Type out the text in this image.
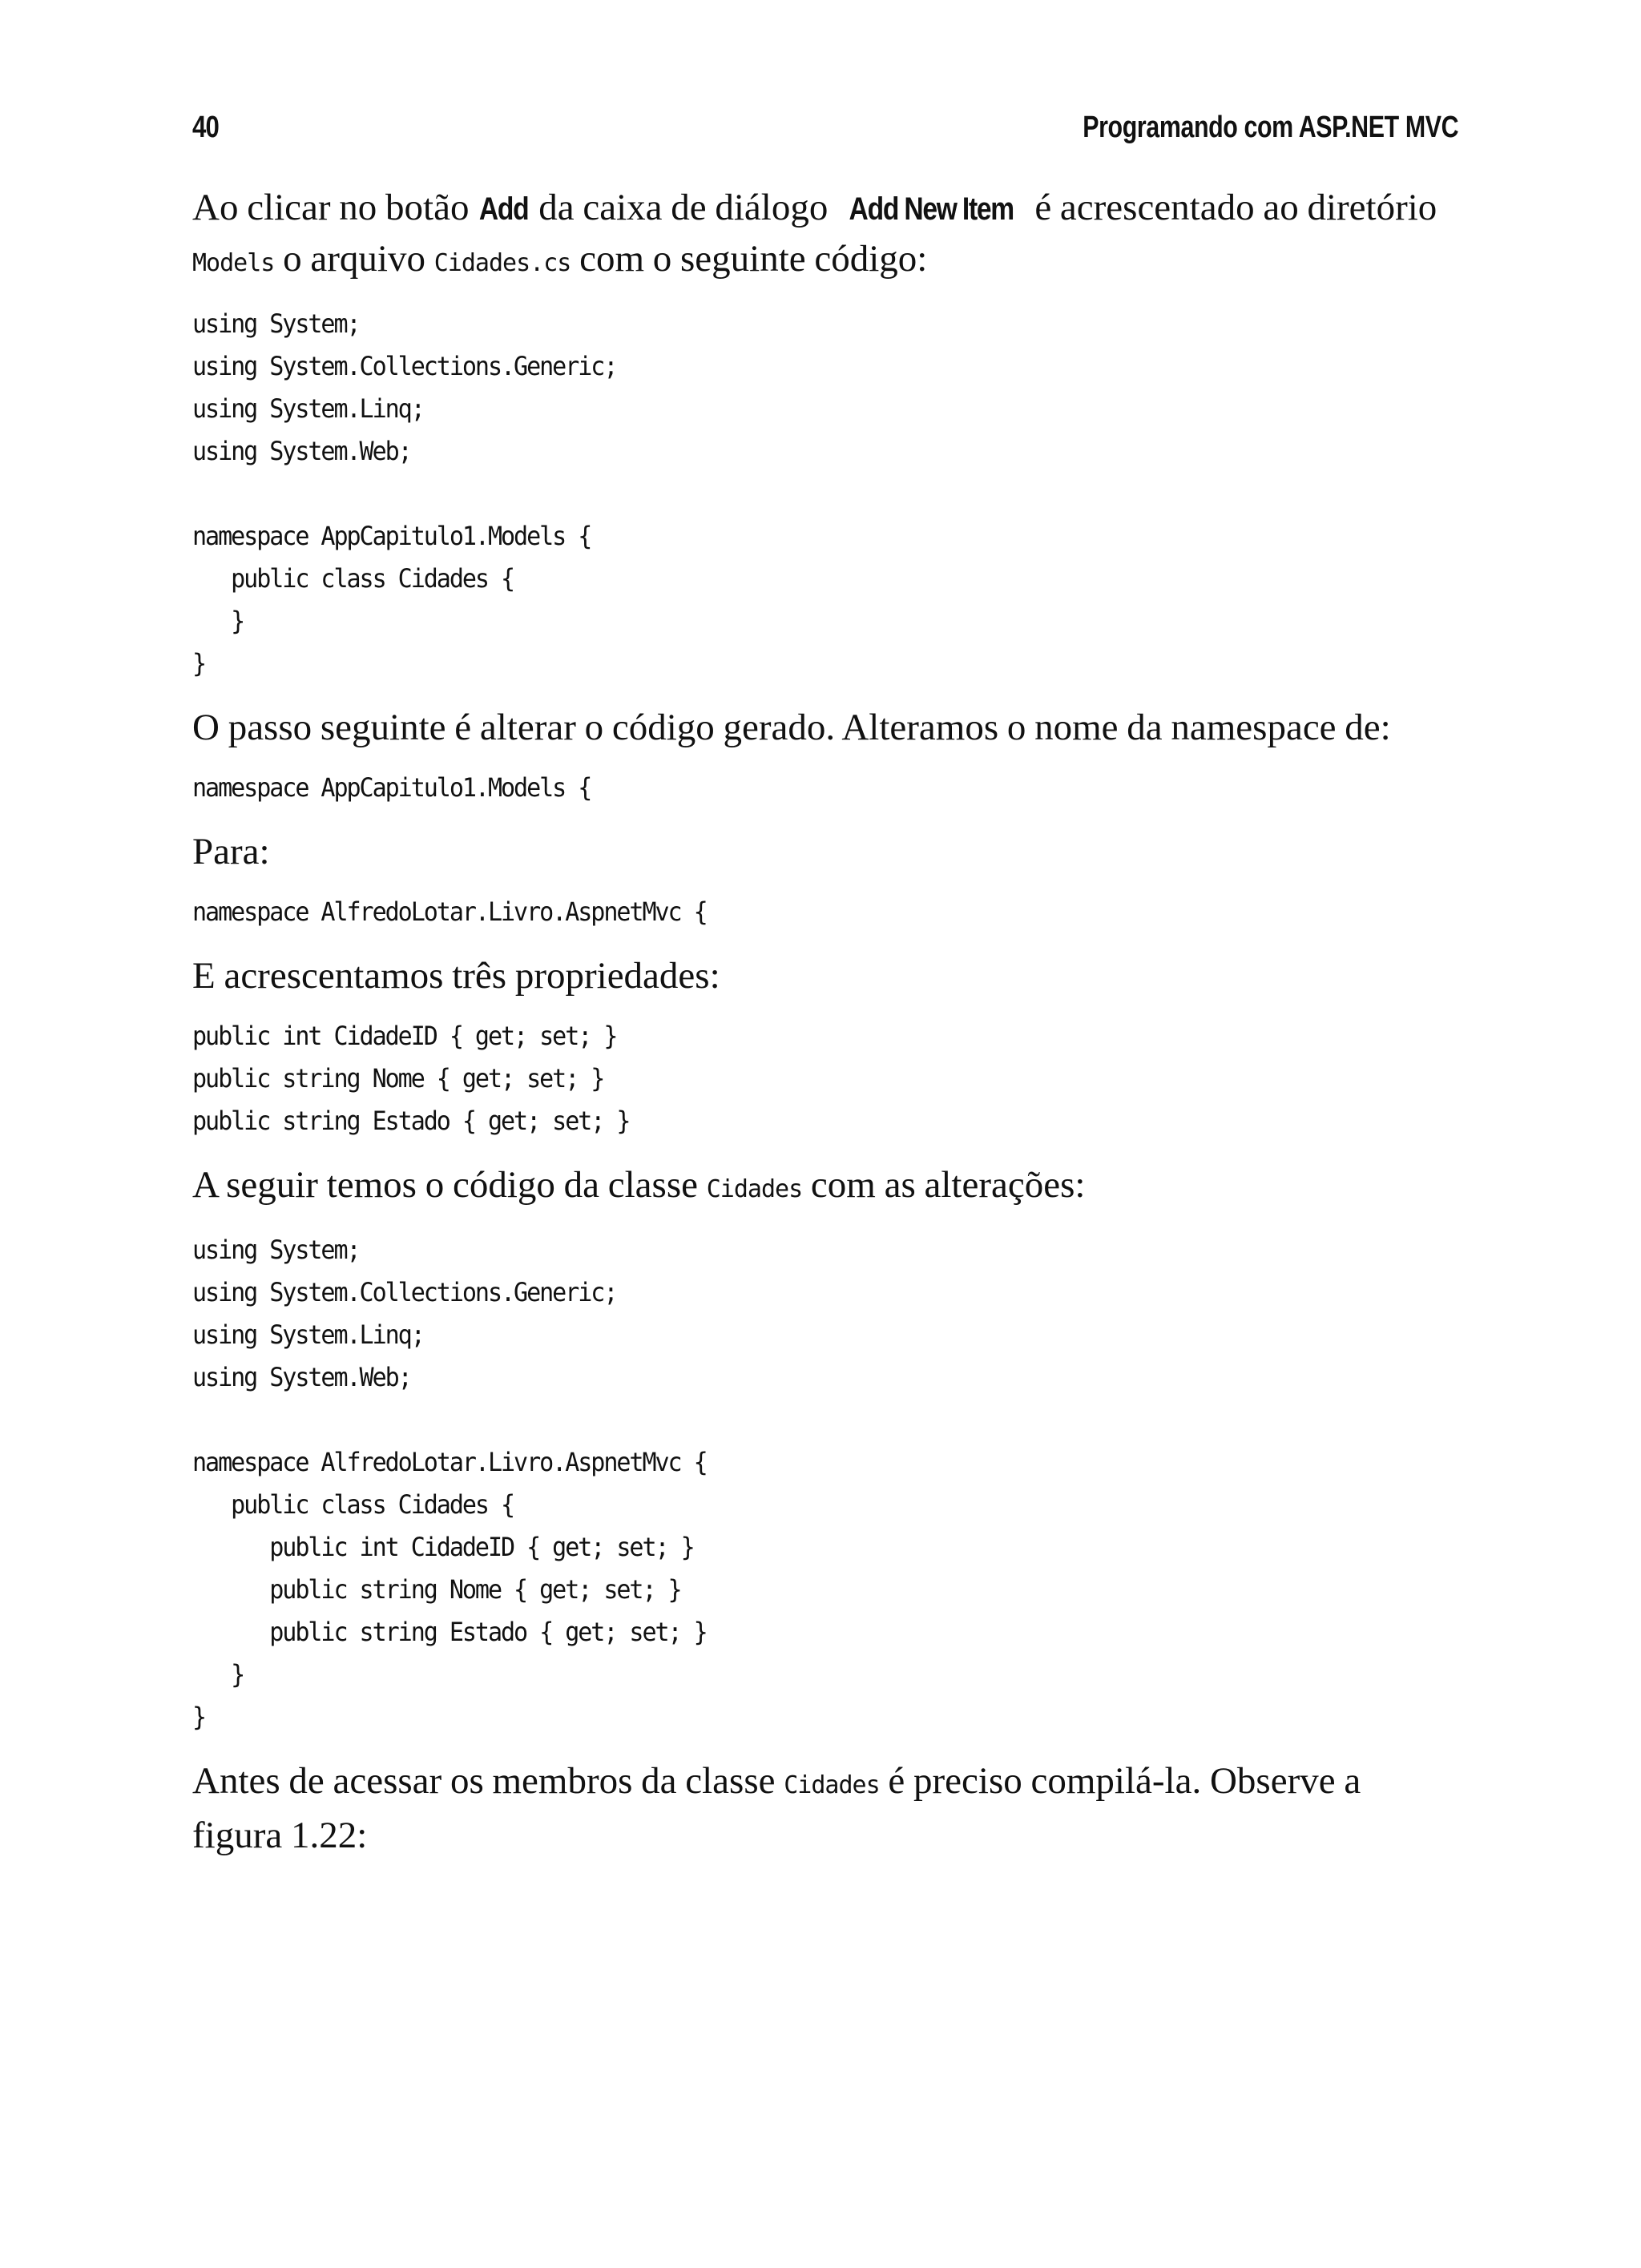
40	Programando com ASP.NET MVC

Ao clicar no botão Add da caixa de diálogo Add New Item é acrescentado ao diretório Models o arquivo Cidades.cs com o seguinte código:

using System;
using System.Collections.Generic;
using System.Linq;
using System.Web;
namespace AppCapitulo1.Models {
public class Cidades {
}
}

O passo seguinte é alterar o código gerado. Alteramos o nome da namespace de:

namespace AppCapitulo1.Models {

Para:

namespace AlfredoLotar.Livro.AspnetMvc {

E acrescentamos três propriedades:

public int CidadeID { get; set; }
public string Nome { get; set; }
public string Estado { get; set; }

A seguir temos o código da classe Cidades com as alterações:

using System;
using System.Collections.Generic;
using System.Linq;
using System.Web;
namespace AlfredoLotar.Livro.AspnetMvc {
public class Cidades {
public int CidadeID { get; set; }
public string Nome { get; set; }
public string Estado { get; set; }
}
}

Antes de acessar os membros da classe Cidades é preciso compilá-la. Observe a figura 1.22:
